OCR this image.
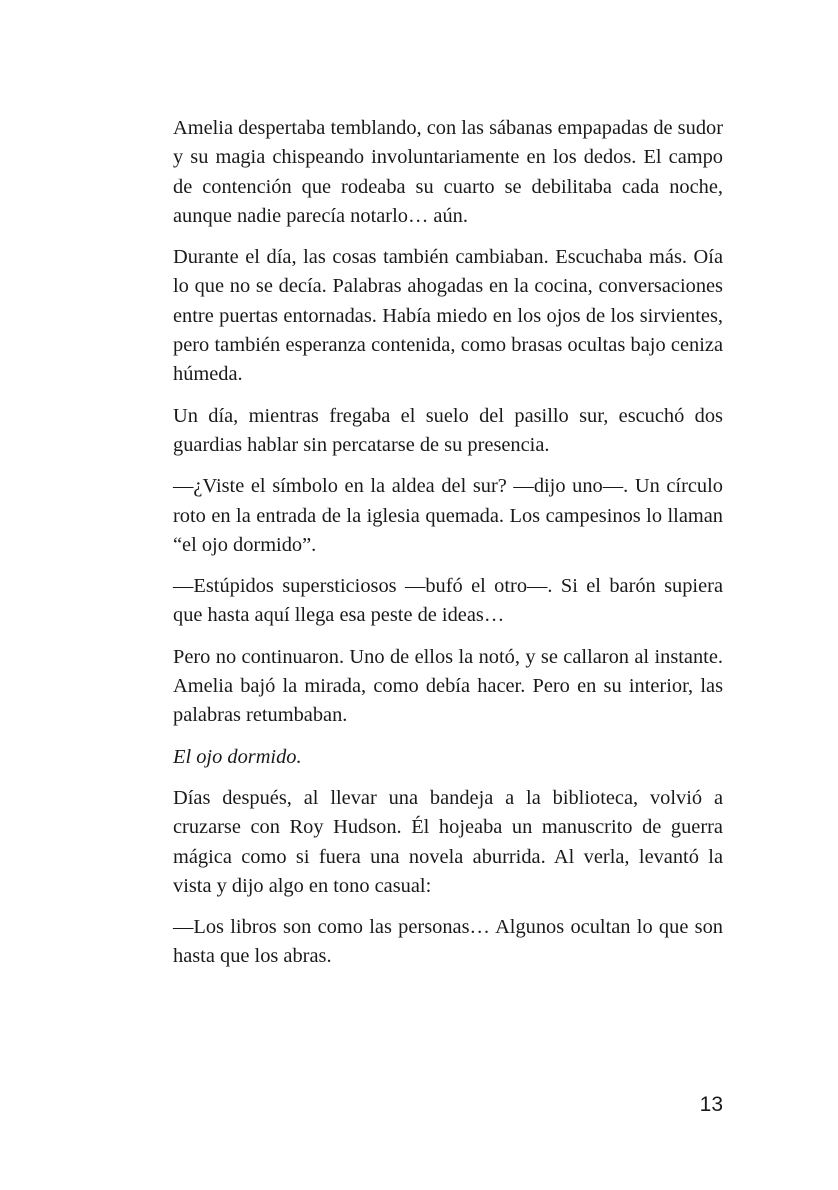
Amelia despertaba temblando, con las sábanas empapadas de sudor y su magia chispeando involuntariamente en los dedos. El campo de contención que rodeaba su cuarto se debilitaba cada noche, aunque nadie parecía notarlo… aún.

Durante el día, las cosas también cambiaban. Escuchaba más. Oía lo que no se decía. Palabras ahogadas en la cocina, conversaciones entre puertas entornadas. Había miedo en los ojos de los sirvientes, pero también esperanza contenida, como brasas ocultas bajo ceniza húmeda.

Un día, mientras fregaba el suelo del pasillo sur, escuchó dos guardias hablar sin percatarse de su presencia.

—¿Viste el símbolo en la aldea del sur? —dijo uno—. Un círculo roto en la entrada de la iglesia quemada. Los campesinos lo llaman “el ojo dormido”.

—Estúpidos supersticiosos —bufó el otro—. Si el barón supiera que hasta aquí llega esa peste de ideas…

Pero no continuaron. Uno de ellos la notó, y se callaron al instante. Amelia bajó la mirada, como debía hacer. Pero en su interior, las palabras retumbaban.

El ojo dormido.

Días después, al llevar una bandeja a la biblioteca, volvió a cruzarse con Roy Hudson. Él hojeaba un manuscrito de guerra mágica como si fuera una novela aburrida. Al verla, levantó la vista y dijo algo en tono casual:

—Los libros son como las personas… Algunos ocultan lo que son hasta que los abras.

13
